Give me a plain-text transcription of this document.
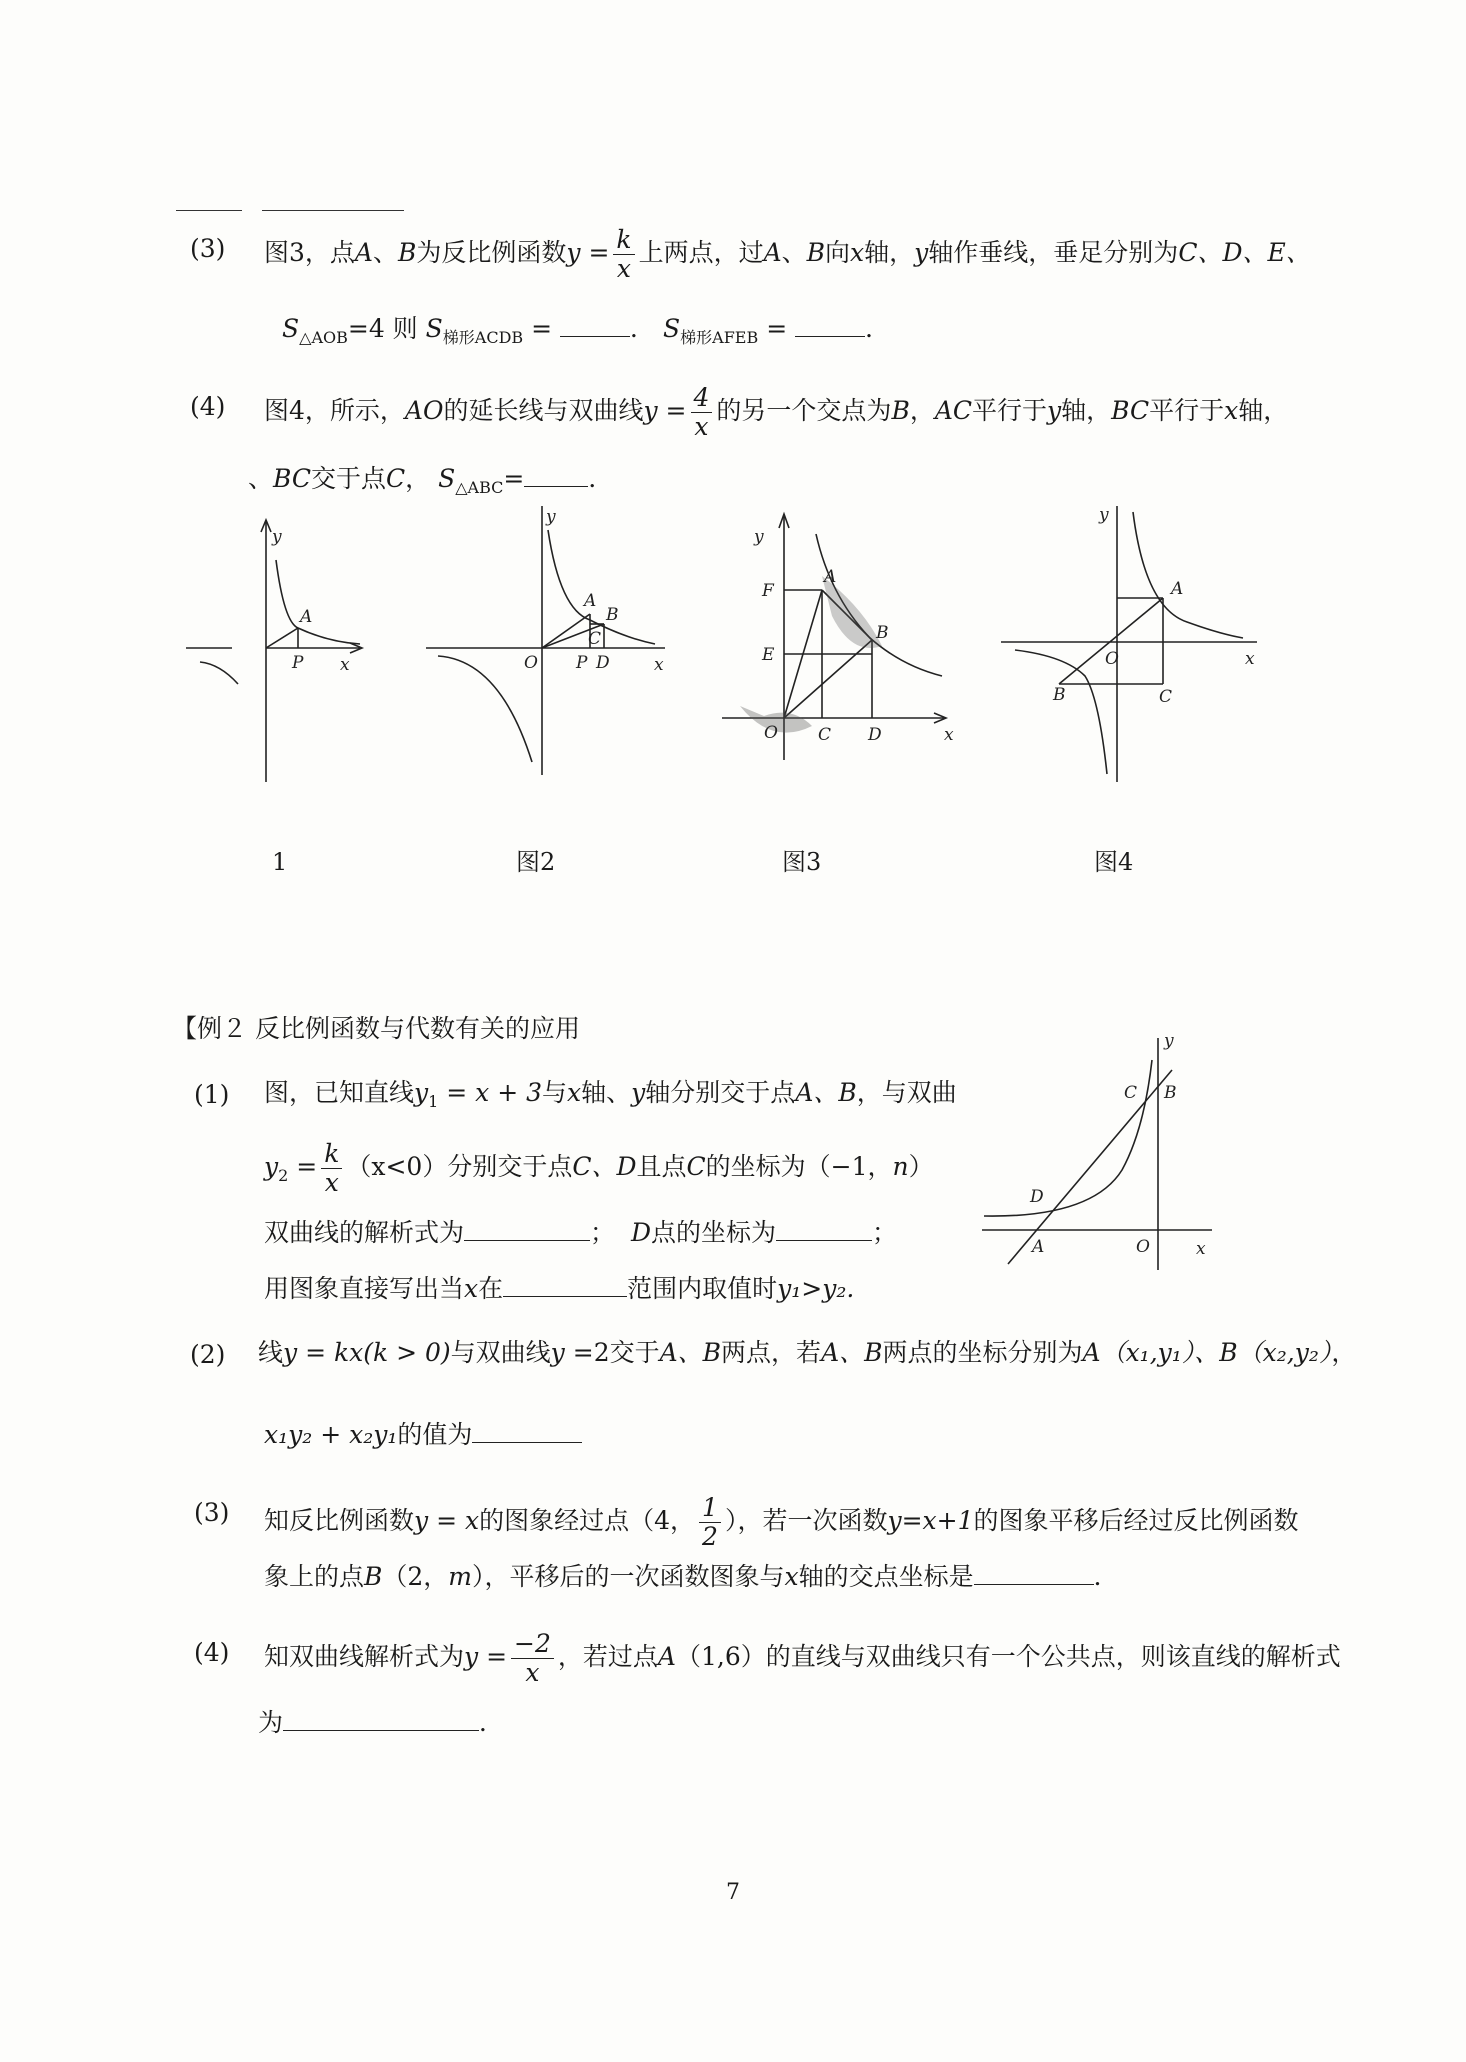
(3) 图3，点A、B为反比例函数$y = \frac{k}{x}$ 上两点，过A、B向x轴，y轴作垂线，垂足分别为C、D、E、
$S_{\triangle AOB}=4$ 则 $S_{梯形ACDB}$ =	． $S_{梯形AFEB}$ =	．
(4) 图4，所示，AO的延长线与双曲线$y = \frac{4}{x}$ 的另一个交点为B，AC平行于y轴，BC平行于x轴，
、BC交于点C， $S_{\triangle ABC}=$	．
y
A
P x
y
A
B
C
O P D	x
y
F
E
A
B
O C D	x
y
A
O
B	C
x
1	图2	图3	图4
【例２ 反比例函数与代数有关的应用
(1) 图，已知直线$y_1 = x + 3$与x轴、y轴分别交于点A、B，与双曲
$y_2 = \frac{k}{x} (x<0)$分别交于点C、D且点C的坐标为（−1，n）
双曲线的解析式为	； D点的坐标为	；
用图象直接写出当x在	范围内取值时y₁>y₂.
y
C B
D
A	O	x
(2) 线y = kx(k > 0)与双曲线y =2交于A、B两点，若A、B两点的坐标分别为A（x₁,y₁）、B（x₂,y₂），
x₁y₂ + x₂y₁的值为
(3) 知反比例函数y = x的图象经过点（4， $\frac{1}{2}$ ），若一次函数y=x+1的图象平移后经过反比例函数
象上的点B（2，m），平移后的一次函数图象与x轴的交点坐标是	．
(4) 知双曲线解析式为$y = \frac{-2}{x}$ ，若过点A（1,6）的直线与双曲线只有一个公共点，则该直线的解析式
为	．
7
